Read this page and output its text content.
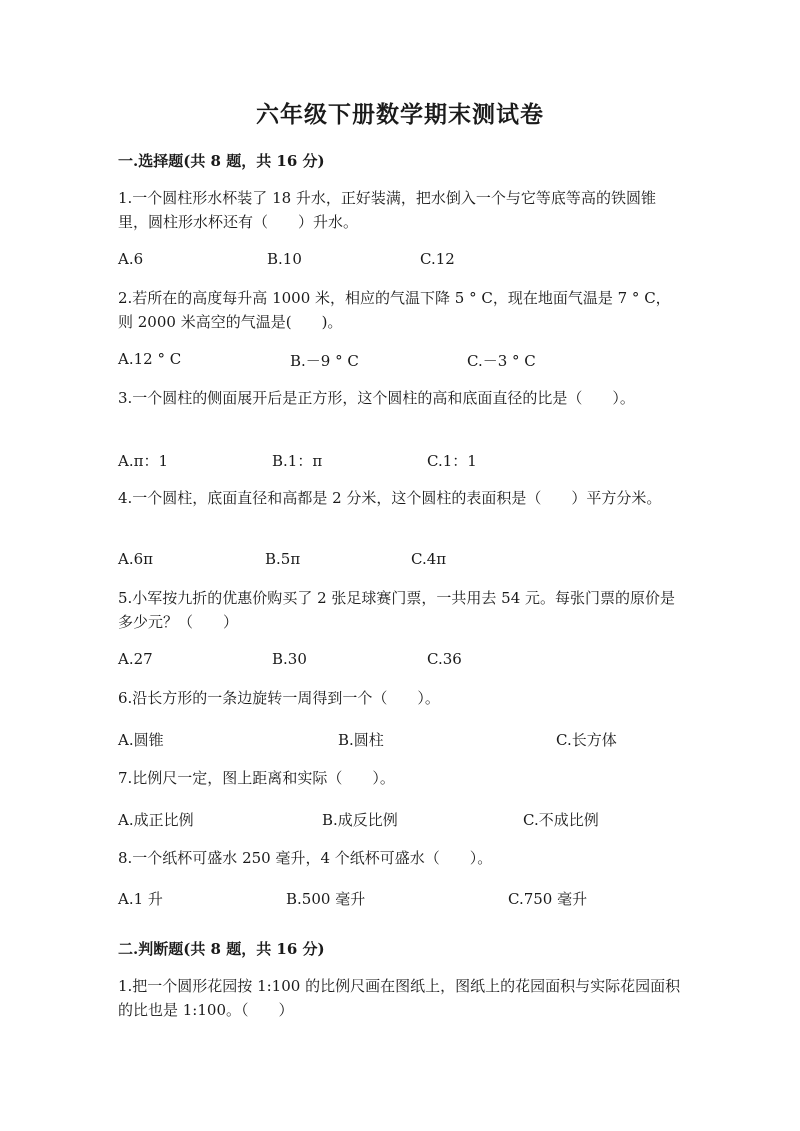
六年级下册数学期末测试卷
一.选择题(共 8 题，共 16 分)
1.一个圆柱形水杯装了 18 升水，正好装满，把水倒入一个与它等底等高的铁圆锥里，圆柱形水杯还有（　　）升水。
A.6	B.10	C.12
2.若所在的高度每升高 1000 米，相应的气温下降 5 ° C，现在地面气温是 7 ° C，则 2000 米高空的气温是(　　)。
A.12 ° C	B.－9 ° C	C.－3 ° C
3.一个圆柱的侧面展开后是正方形，这个圆柱的高和底面直径的比是（　　）。
A.π：1	B.1：π	C.1：1
4.一个圆柱，底面直径和高都是 2 分米，这个圆柱的表面积是（　　）平方分米。
A.6π	B.5π	C.4π
5.小军按九折的优惠价购买了 2 张足球赛门票，一共用去 54 元。每张门票的原价是多少元？（　　）
A.27	B.30	C.36
6.沿长方形的一条边旋转一周得到一个（　　）。
A.圆锥	B.圆柱	C.长方体
7.比例尺一定，图上距离和实际（　　）。
A.成正比例	B.成反比例	C.不成比例
8.一个纸杯可盛水 250 毫升，4 个纸杯可盛水（　　）。
A.1 升	B.500 毫升	C.750 毫升
二.判断题(共 8 题，共 16 分)
1.把一个圆形花园按 1:100 的比例尺画在图纸上，图纸上的花园面积与实际花园面积的比也是 1:100。（　　）
